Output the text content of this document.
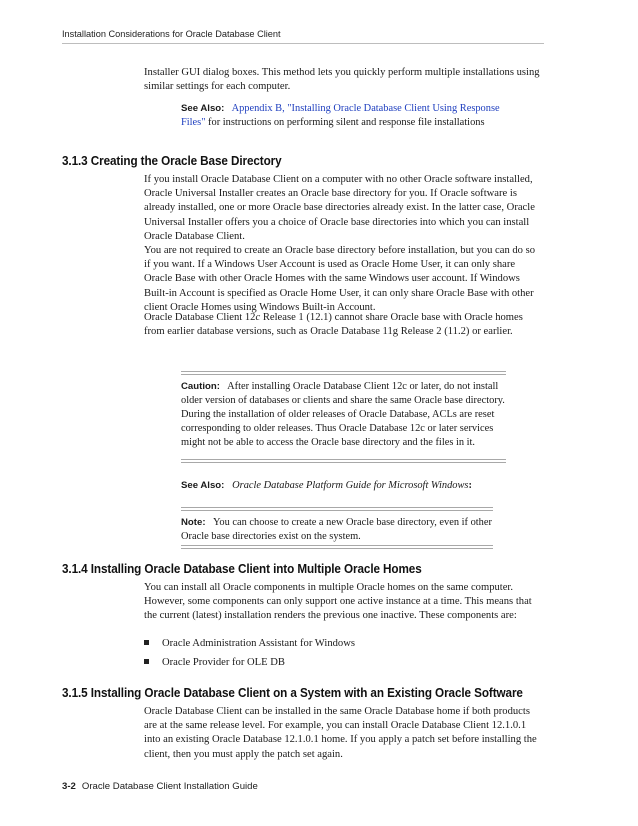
Installation Considerations for Oracle Database Client

Installer GUI dialog boxes. This method lets you quickly perform multiple installations using similar settings for each computer.

See Also: Appendix B, "Installing Oracle Database Client Using Response Files" for instructions on performing silent and response file installations
3.1.3 Creating the Oracle Base Directory

If you install Oracle Database Client on a computer with no other Oracle software installed, Oracle Universal Installer creates an Oracle base directory for you. If Oracle software is already installed, one or more Oracle base directories already exist. In the latter case, Oracle Universal Installer offers you a choice of Oracle base directories into which you can install Oracle Database Client.

You are not required to create an Oracle base directory before installation, but you can do so if you want. If a Windows User Account is used as Oracle Home User, it can only share Oracle Base with other Oracle Homes with the same Windows user account. If Windows Built-in Account is specified as Oracle Home User, it can only share Oracle Base with other client Oracle Homes using Windows Built-in Account.

Oracle Database Client 12c Release 1 (12.1) cannot share Oracle base with Oracle homes from earlier database versions, such as Oracle Database 11g Release 2 (11.2) or earlier.

Caution: After installing Oracle Database Client 12c or later, do not install older version of databases or clients and share the same Oracle base directory. During the installation of older releases of Oracle Database, ACLs are reset corresponding to older releases. Thus Oracle Database 12c or later services might not be able to access the Oracle base directory and the files in it.
See Also: Oracle Database Platform Guide for Microsoft Windows:
Note: You can choose to create a new Oracle base directory, even if other Oracle base directories exist on the system.
3.1.4 Installing Oracle Database Client into Multiple Oracle Homes

You can install all Oracle components in multiple Oracle homes on the same computer. However, some components can only support one active instance at a time. This means that the current (latest) installation renders the previous one inactive. These components are:

Oracle Administration Assistant for Windows
Oracle Provider for OLE DB
3.1.5 Installing Oracle Database Client on a System with an Existing Oracle Software

Oracle Database Client can be installed in the same Oracle Database home if both products are at the same release level. For example, you can install Oracle Database Client 12.1.0.1 into an existing Oracle Database 12.1.0.1 home. If you apply a patch set before installing the client, then you must apply the patch set again.

3-2 Oracle Database Client Installation Guide
